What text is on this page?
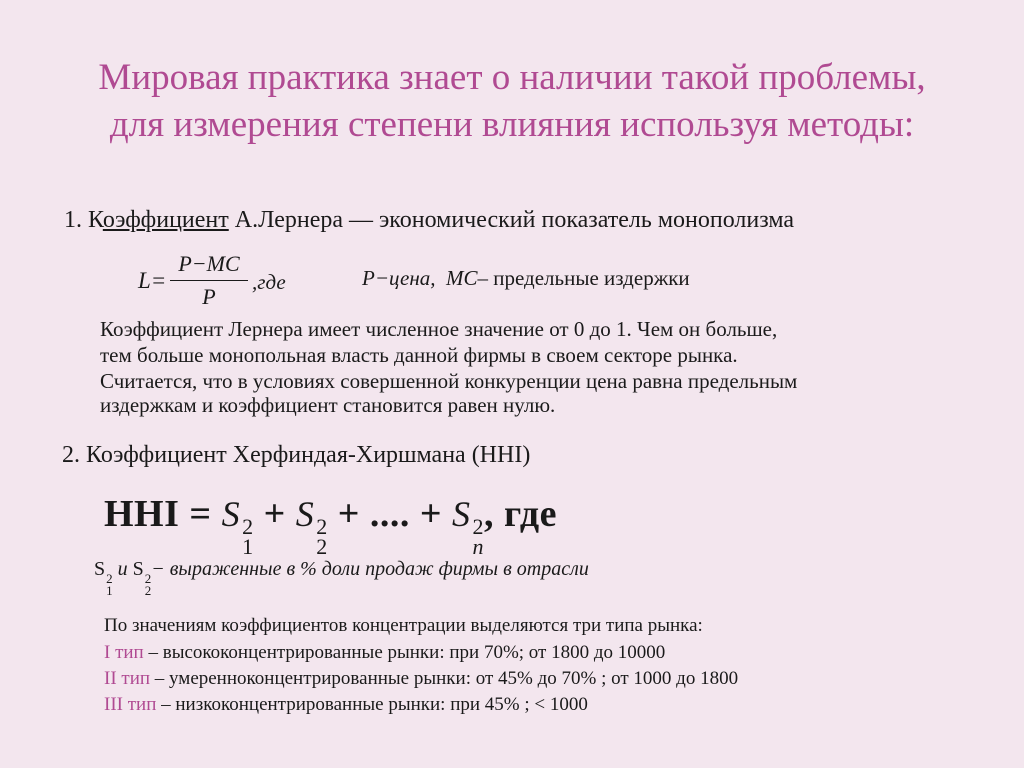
Мировая практика знает о наличии такой проблемы,
для измерения степени влияния используя методы:
1. Коэффициент А.Лернера — экономический показатель монополизма
L=
P−MC
P
,где	P−цена, MC– предельные издержки
Коэффициент Лернера имеет численное значение от 0 до 1. Чем он больше,
тем больше монопольная власть данной фирмы в своем секторе рынка.
Считается, что в условиях совершенной конкуренции цена равна предельным
издержкам и коэффициент становится равен нулю.
2. Коэффициент Херфиндая-Хиршмана (HHI)
HHI = S 2
1
+ S 2
2
+ .... + S 2
n
, где
S 2
1
и S 2
2
− выраженные в % доли продаж фирмы в отрасли
По значениям коэффициентов концентрации выделяются три типа рынка:
I тип – высококонцентрированные рынки: при 70%; от 1800 до 10000
II тип – умеренноконцентрированные рынки: от 45% до 70% ; от 1000 до 1800
III тип – низкоконцентрированные рынки: при 45% ; < 1000
